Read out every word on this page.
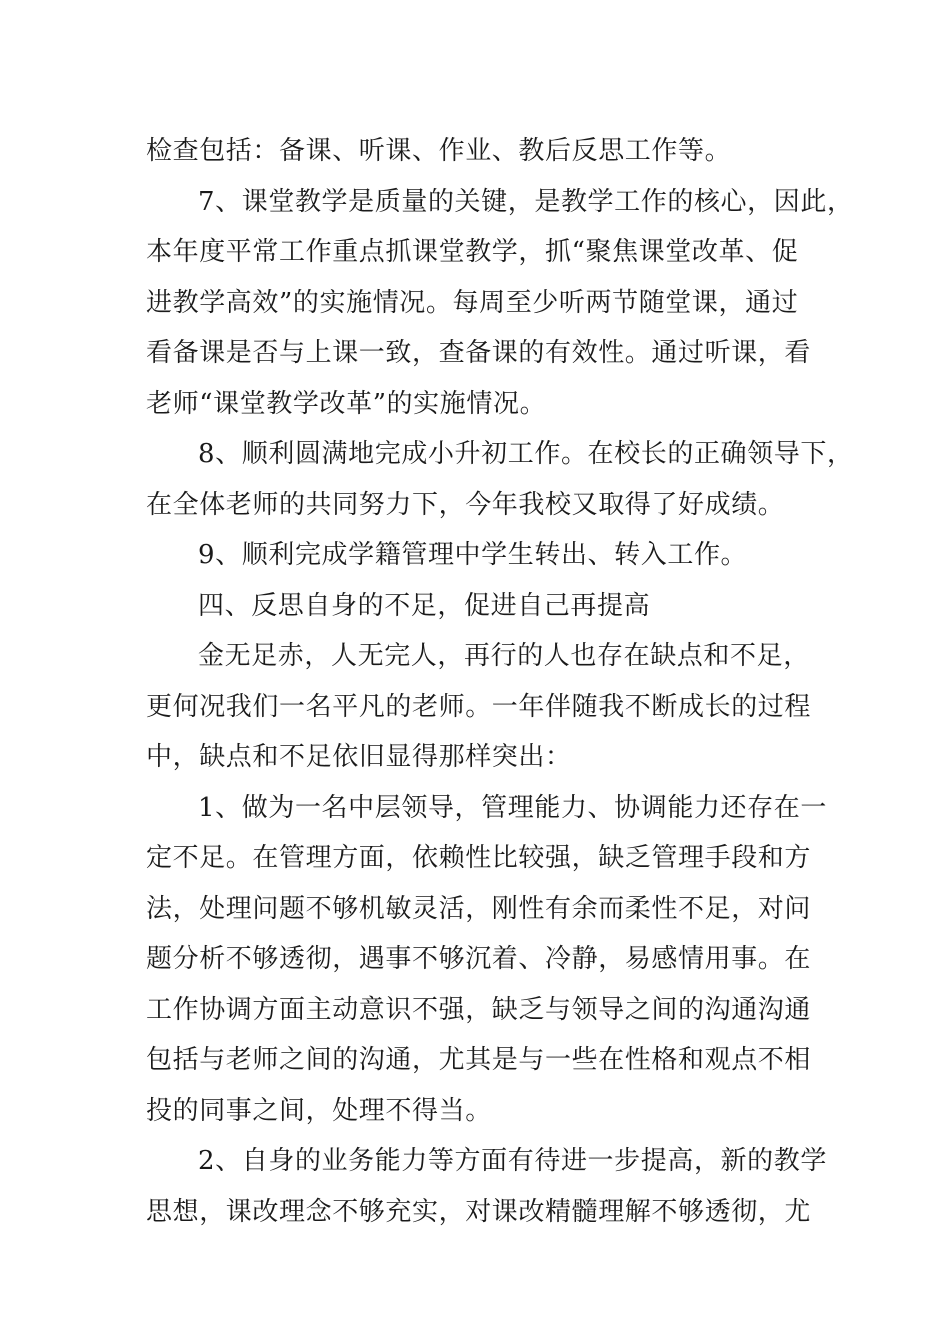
检查包括：备课、听课、作业、教后反思工作等。
7、课堂教学是质量的关键，是教学工作的核心，因此，
本年度平常工作重点抓课堂教学，抓“聚焦课堂改革、促
进教学高效”的实施情况。每周至少听两节随堂课，通过
看备课是否与上课一致，查备课的有效性。通过听课，看
老师“课堂教学改革”的实施情况。
8、顺利圆满地完成小升初工作。在校长的正确领导下，
在全体老师的共同努力下，今年我校又取得了好成绩。
9、顺利完成学籍管理中学生转出、转入工作。
四、反思自身的不足，促进自己再提高
金无足赤，人无完人，再行的人也存在缺点和不足，
更何况我们一名平凡的老师。一年伴随我不断成长的过程
中，缺点和不足依旧显得那样突出：
1、做为一名中层领导，管理能力、协调能力还存在一
定不足。在管理方面，依赖性比较强，缺乏管理手段和方
法，处理问题不够机敏灵活，刚性有余而柔性不足，对问
题分析不够透彻，遇事不够沉着、冷静，易感情用事。在
工作协调方面主动意识不强，缺乏与领导之间的沟通沟通
包括与老师之间的沟通，尤其是与一些在性格和观点不相
投的同事之间，处理不得当。
2、自身的业务能力等方面有待进一步提高，新的教学
思想，课改理念不够充实，对课改精髓理解不够透彻，尤
